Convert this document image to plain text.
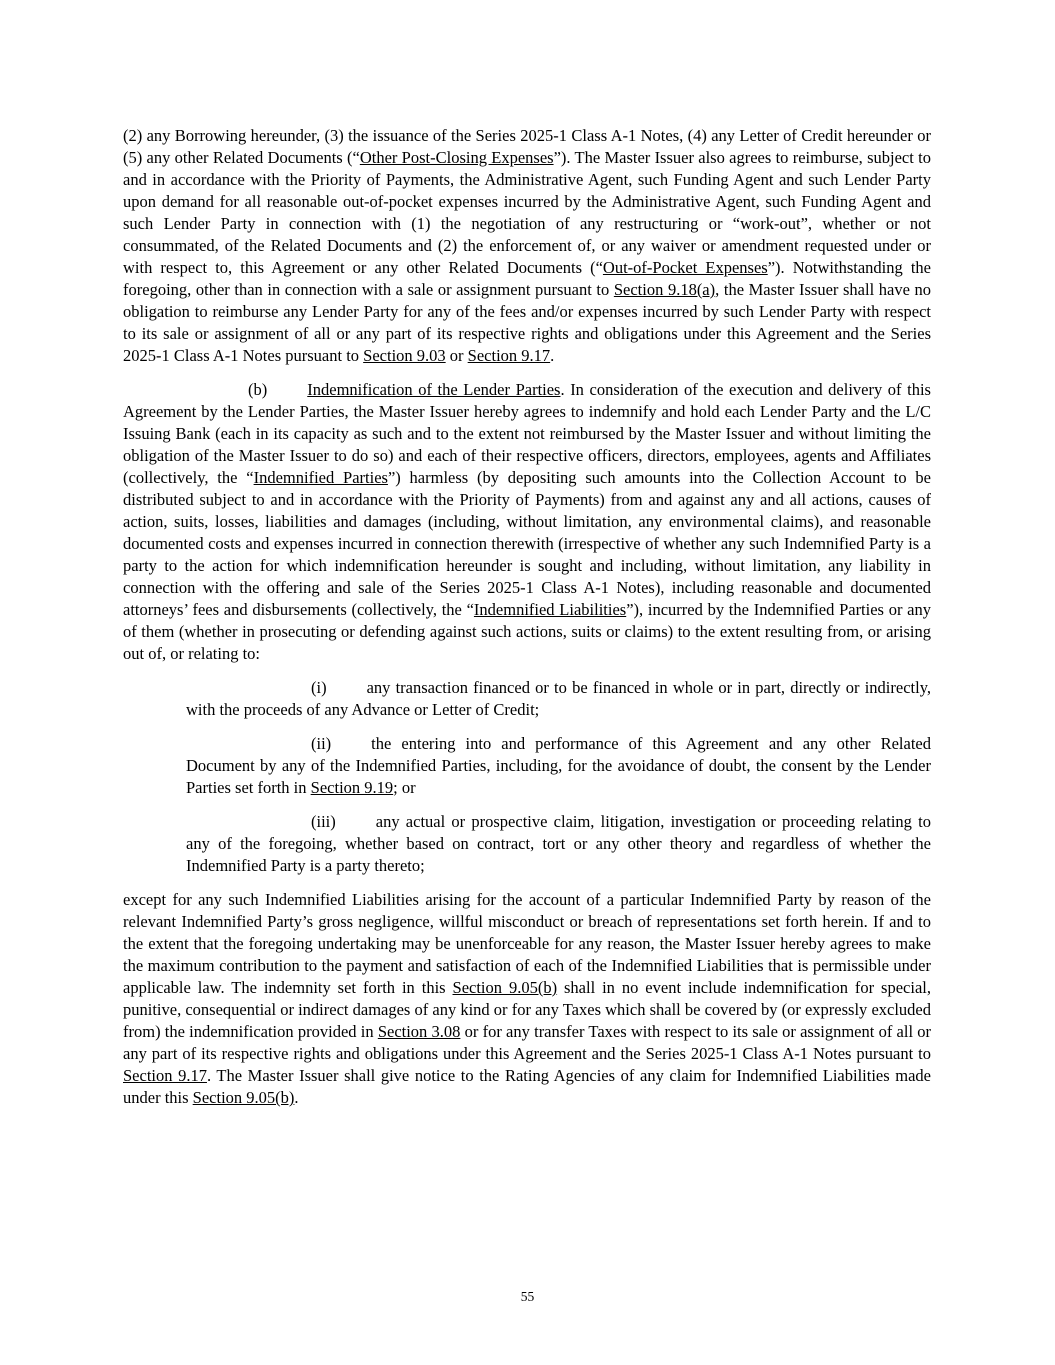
(2) any Borrowing hereunder, (3) the issuance of the Series 2025-1 Class A-1 Notes, (4) any Letter of Credit hereunder or (5) any other Related Documents (“Other Post-Closing Expenses”). The Master Issuer also agrees to reimburse, subject to and in accordance with the Priority of Payments, the Administrative Agent, such Funding Agent and such Lender Party upon demand for all reasonable out-of-pocket expenses incurred by the Administrative Agent, such Funding Agent and such Lender Party in connection with (1) the negotiation of any restructuring or “work-out”, whether or not consummated, of the Related Documents and (2) the enforcement of, or any waiver or amendment requested under or with respect to, this Agreement or any other Related Documents (“Out-of-Pocket Expenses”). Notwithstanding the foregoing, other than in connection with a sale or assignment pursuant to Section 9.18(a), the Master Issuer shall have no obligation to reimburse any Lender Party for any of the fees and/or expenses incurred by such Lender Party with respect to its sale or assignment of all or any part of its respective rights and obligations under this Agreement and the Series 2025-1 Class A-1 Notes pursuant to Section 9.03 or Section 9.17.

(b) Indemnification of the Lender Parties. In consideration of the execution and delivery of this Agreement by the Lender Parties, the Master Issuer hereby agrees to indemnify and hold each Lender Party and the L/C Issuing Bank (each in its capacity as such and to the extent not reimbursed by the Master Issuer and without limiting the obligation of the Master Issuer to do so) and each of their respective officers, directors, employees, agents and Affiliates (collectively, the “Indemnified Parties”) harmless (by depositing such amounts into the Collection Account to be distributed subject to and in accordance with the Priority of Payments) from and against any and all actions, causes of action, suits, losses, liabilities and damages (including, without limitation, any environmental claims), and reasonable documented costs and expenses incurred in connection therewith (irrespective of whether any such Indemnified Party is a party to the action for which indemnification hereunder is sought and including, without limitation, any liability in connection with the offering and sale of the Series 2025-1 Class A-1 Notes), including reasonable and documented attorneys’ fees and disbursements (collectively, the “Indemnified Liabilities”), incurred by the Indemnified Parties or any of them (whether in prosecuting or defending against such actions, suits or claims) to the extent resulting from, or arising out of, or relating to:

(i) any transaction financed or to be financed in whole or in part, directly or indirectly, with the proceeds of any Advance or Letter of Credit;

(ii) the entering into and performance of this Agreement and any other Related Document by any of the Indemnified Parties, including, for the avoidance of doubt, the consent by the Lender Parties set forth in Section 9.19; or

(iii) any actual or prospective claim, litigation, investigation or proceeding relating to any of the foregoing, whether based on contract, tort or any other theory and regardless of whether the Indemnified Party is a party thereto;

except for any such Indemnified Liabilities arising for the account of a particular Indemnified Party by reason of the relevant Indemnified Party’s gross negligence, willful misconduct or breach of representations set forth herein. If and to the extent that the foregoing undertaking may be unenforceable for any reason, the Master Issuer hereby agrees to make the maximum contribution to the payment and satisfaction of each of the Indemnified Liabilities that is permissible under applicable law. The indemnity set forth in this Section 9.05(b) shall in no event include indemnification for special, punitive, consequential or indirect damages of any kind or for any Taxes which shall be covered by (or expressly excluded from) the indemnification provided in Section 3.08 or for any transfer Taxes with respect to its sale or assignment of all or any part of its respective rights and obligations under this Agreement and the Series 2025-1 Class A-1 Notes pursuant to Section 9.17. The Master Issuer shall give notice to the Rating Agencies of any claim for Indemnified Liabilities made under this Section 9.05(b).

55
